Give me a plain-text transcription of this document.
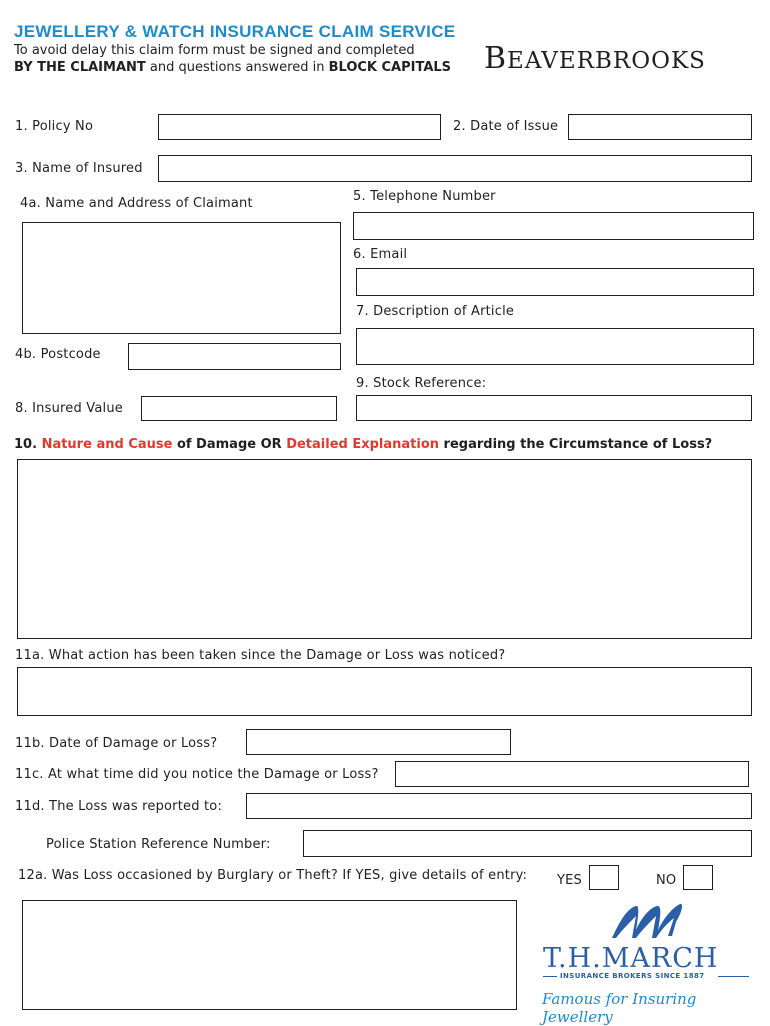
JEWELLERY & WATCH INSURANCE CLAIM SERVICE
To avoid delay this claim form must be signed and completed
BY THE CLAIMANT and questions answered in BLOCK CAPITALS BEAVERBROOKS
1. Policy No	2. Date of Issue
3. Name of Insured
4a. Name and Address of Claimant	5. Telephone Number
6. Email
7. Description of Article
4b. Postcode
9. Stock Reference:
8. Insured Value
10. Nature and Cause of Damage OR Detailed Explanation regarding the Circumstance of Loss?
11a. What action has been taken since the Damage or Loss was noticed?
11b. Date of Damage or Loss?
11c. At what time did you notice the Damage or Loss?
11d. The Loss was reported to:
Police Station Reference Number:
12a. Was Loss occasioned by Burglary or Theft? If YES, give details of entry: YES	NO
T.H.MARCH
INSURANCE BROKERS SINCE 1887
Famous for Insuring Jewellery
